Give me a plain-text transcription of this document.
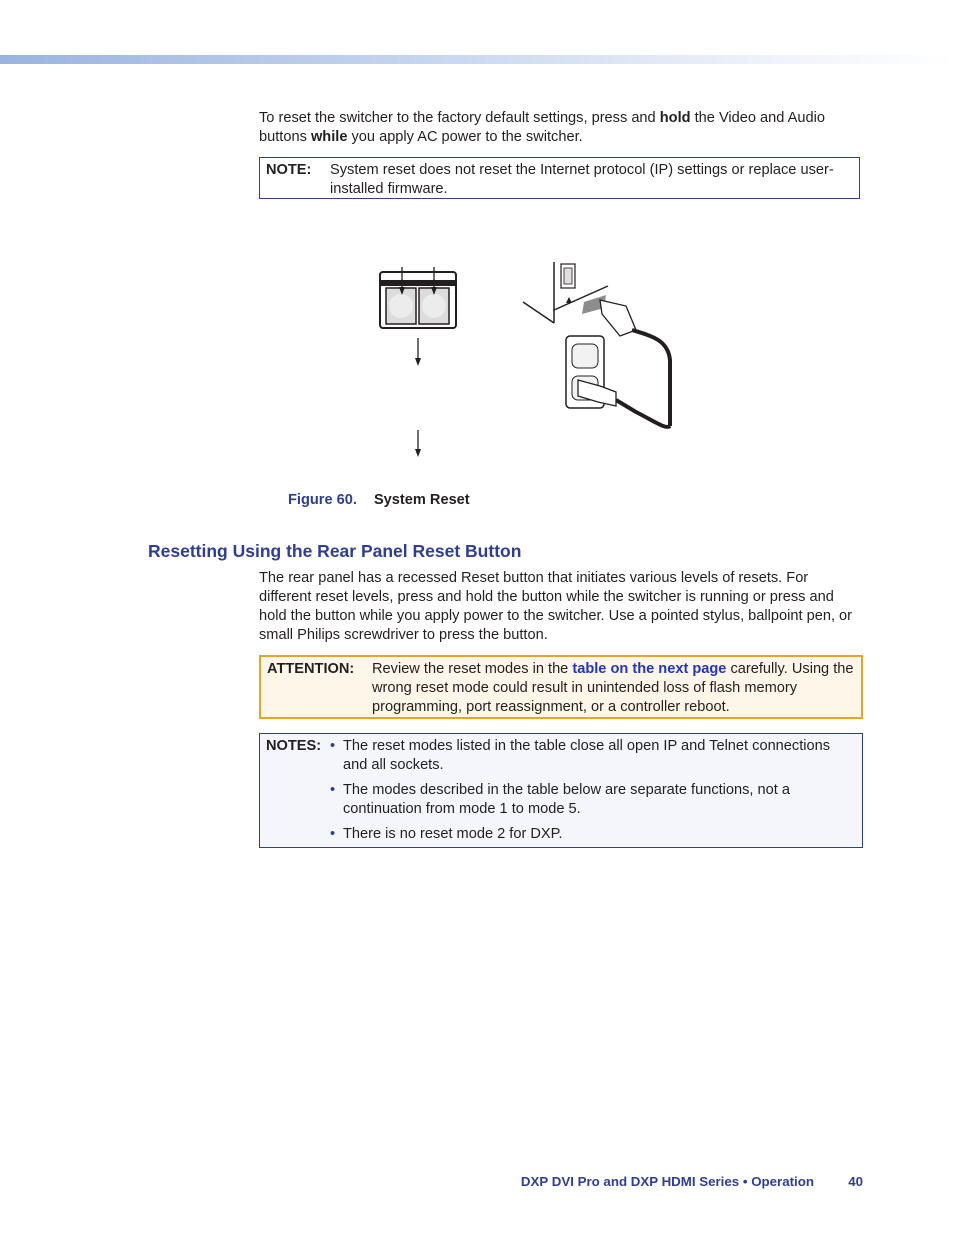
To reset the switcher to the factory default settings, press and hold the Video and Audio buttons while you apply AC power to the switcher.

NOTE: System reset does not reset the Internet protocol (IP) settings or replace user-installed firmware.
Figure 60. System Reset
Resetting Using the Rear Panel Reset Button

The rear panel has a recessed Reset button that initiates various levels of resets. For different reset levels, press and hold the button while the switcher is running or press and hold the button while you apply power to the switcher. Use a pointed stylus, ballpoint pen, or small Philips screwdriver to press the button.

ATTENTION: Review the reset modes in the table on the next page carefully. Using the wrong reset mode could result in unintended loss of flash memory programming, port reassignment, or a controller reboot.
NOTES: • The reset modes listed in the table close all open IP and Telnet connections and all sockets.
• The modes described in the table below are separate functions, not a continuation from mode 1 to mode 5.
• There is no reset mode 2 for DXP.
DXP DVI Pro and DXP HDMI Series • Operation	40
